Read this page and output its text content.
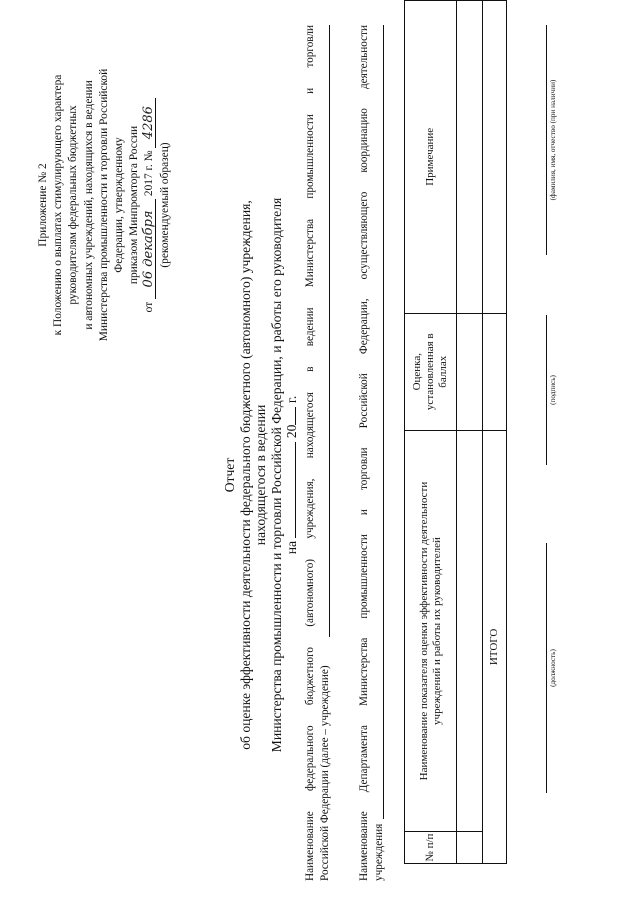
Приложение № 2 к Положению о выплатах стимулирующего характера руководителям федеральных бюджетных и автономных учреждений, находящихся в ведении Министерства промышленности и торговли Российской Федерации, утвержденному приказом Минпромторга России
от 06 декабря 2017 г. № 4286
(рекомендуемый образец)
Отчет об оценке эффективности деятельности федерального бюджетного (автономного) учреждения, находящегося в ведении Министерства промышленности и торговли Российской Федерации, и работы его руководителя на  20 г. Наименование федерального бюджетного (автономного) учреждения, находящегося в ведении Министерства промышленности и торговли Российской Федерации (далее – учреждение) Наименование Департамента Министерства промышленности и торговли Российской Федерации, осуществляющего координацию деятельности учреждения	№ п/п	Наименование показателя оценки эффективности деятельности учреждений и работы их руководителей	Оценка, установленная в баллах	Примечание

ИТОГО			
(должность)
(подпись)
(фамилия, имя, отчество (при наличии)
